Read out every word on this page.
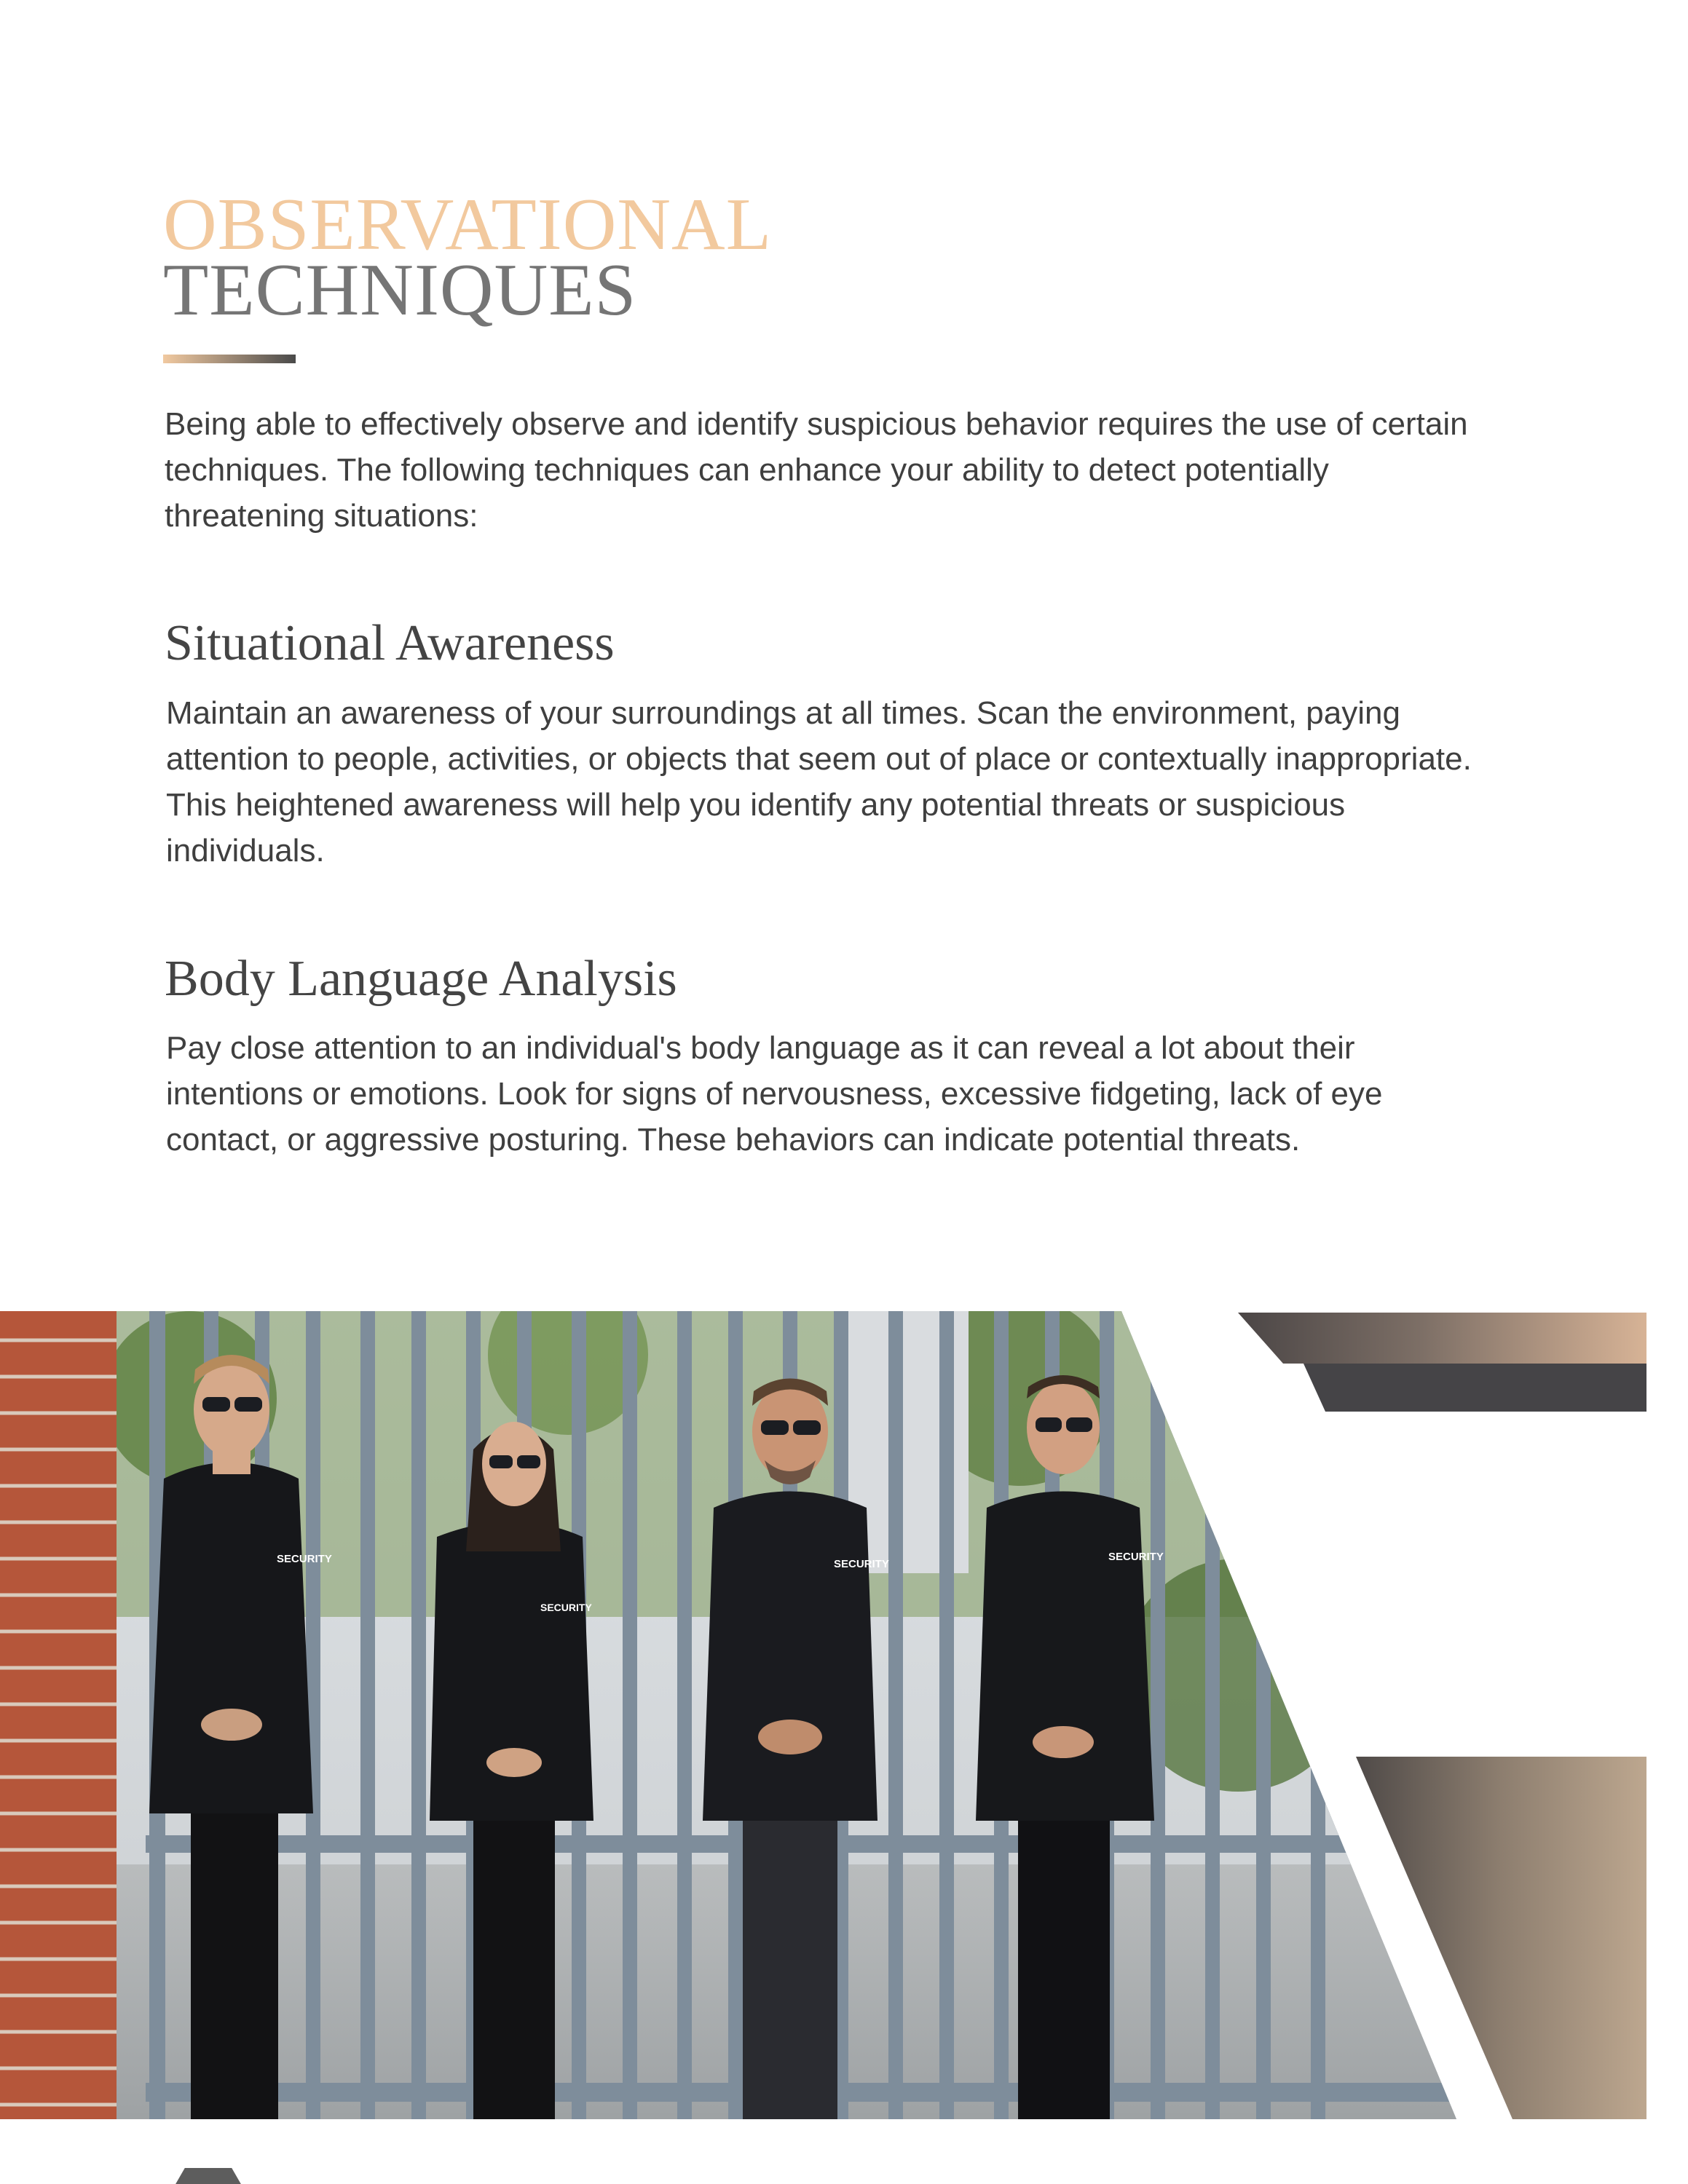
OBSERVATIONAL
TECHNIQUES

Being able to effectively observe and identify suspicious behavior requires the use of certain techniques. The following techniques can enhance your ability to detect potentially threatening situations:

Situational Awareness

Maintain an awareness of your surroundings at all times. Scan the environment, paying attention to people, activities, or objects that seem out of place or contextually inappropriate. This heightened awareness will help you identify any potential threats or suspicious individuals.

Body Language Analysis

Pay close attention to an individual's body language as it can reveal a lot about their intentions or emotions. Look for signs of nervousness, excessive fidgeting, lack of eye contact, or aggressive posturing. These behaviors can indicate potential threats.

SECURITY
SECURITY
SECURITY
SECURITY
